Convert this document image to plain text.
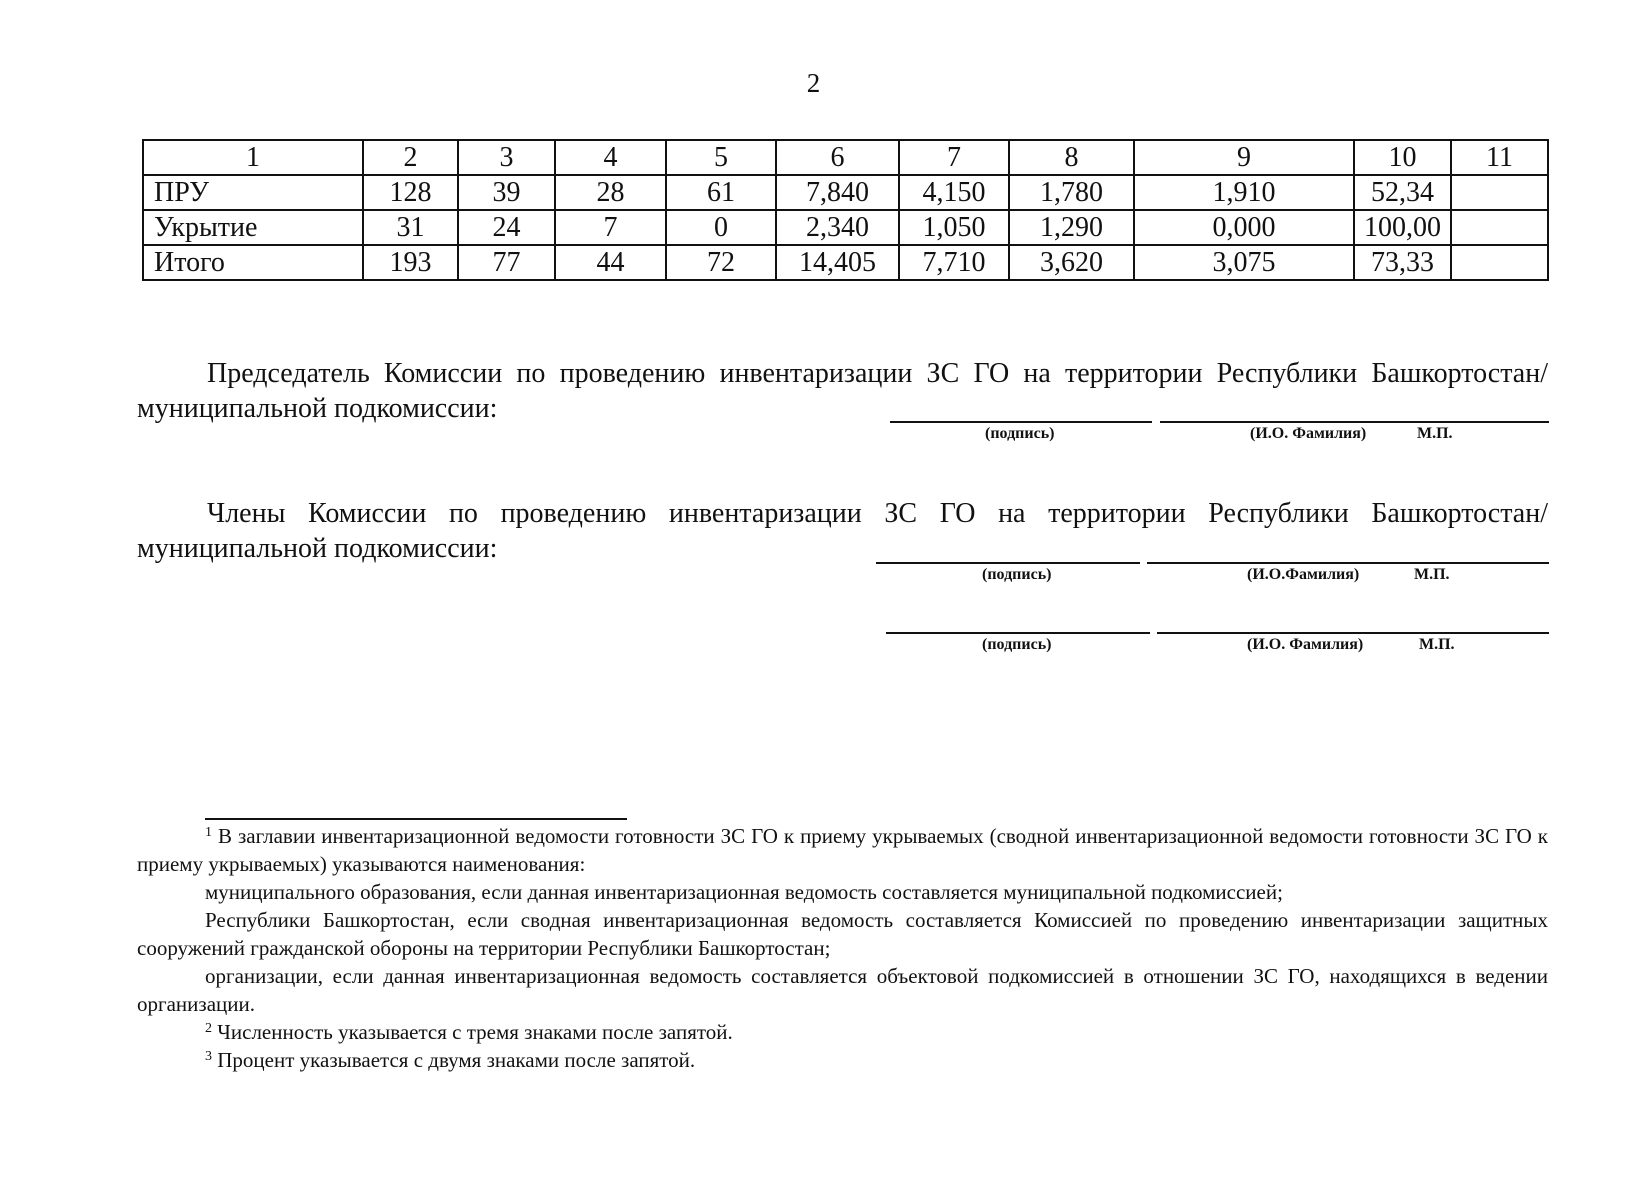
2
1	2	3	4	5	6	7	8	9	10	11
ПРУ	128	39	28	61	7,840	4,150	1,780	1,910	52,34	
Укрытие	31	24	7	0	2,340	1,050	1,290	0,000	100,00	
Итого	193	77	44	72	14,405	7,710	3,620	3,075	73,33	
Председатель Комиссии по проведению инвентаризации ЗС ГО на территории Республики Башкортостан/ муниципальной подкомиссии:
(подпись)	(И.О. Фамилия)	М.П.
Члены Комиссии по проведению инвентаризации ЗС ГО на территории Республики Башкортостан/ муниципальной подкомиссии:
(подпись)	(И.О.Фамилия)	М.П.
(подпись)	(И.О. Фамилия)	М.П.

$^1$ В заглавии инвентаризационной ведомости готовности ЗС ГО к приему укрываемых (сводной инвентаризационной ведомости готовности ЗС ГО к приему укрываемых) указываются наименования:

муниципального образования, если данная инвентаризационная ведомость составляется муниципальной подкомиссией;

Республики Башкортостан, если сводная инвентаризационная ведомость составляется Комиссией по проведению инвентаризации защитных сооружений гражданской обороны на территории Республики Башкортостан;

организации, если данная инвентаризационная ведомость составляется объектовой подкомиссией в отношении ЗС ГО, находящихся в ведении организации.

$^2$ Численность указывается с тремя знаками после запятой.

$^3$ Процент указывается с двумя знаками после запятой.
